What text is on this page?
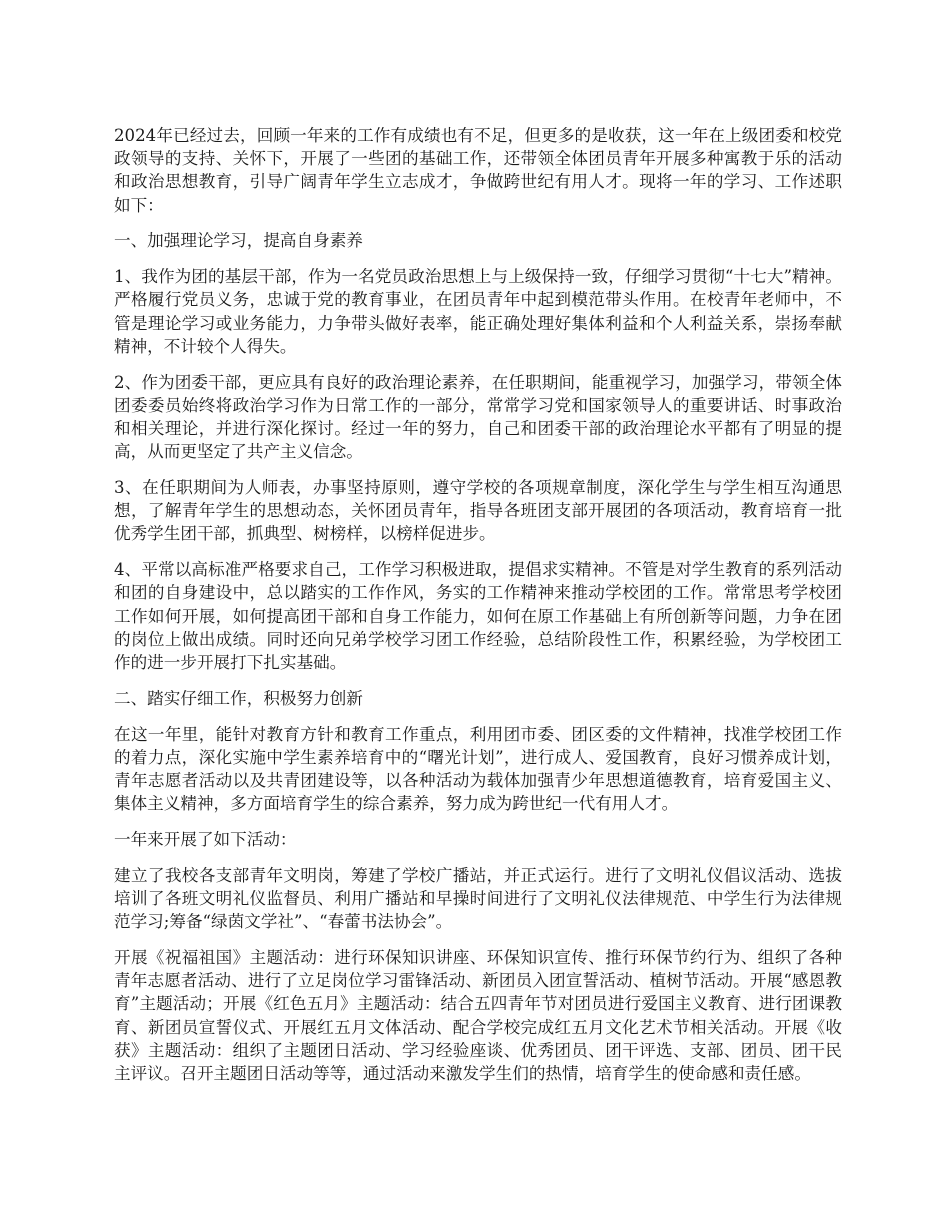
2024年已经过去，回顾一年来的工作有成绩也有不足，但更多的是收获，这一年在上级团委和校党政领导的支持、关怀下，开展了一些团的基础工作，还带领全体团员青年开展多种寓教于乐的活动和政治思想教育，引导广阔青年学生立志成才，争做跨世纪有用人才。现将一年的学习、工作述职如下：

一、加强理论学习，提高自身素养

1、我作为团的基层干部，作为一名党员政治思想上与上级保持一致，仔细学习贯彻“十七大”精神。严格履行党员义务，忠诚于党的教育事业，在团员青年中起到模范带头作用。在校青年老师中，不管是理论学习或业务能力，力争带头做好表率，能正确处理好集体利益和个人利益关系，崇扬奉献精神，不计较个人得失。

2、作为团委干部，更应具有良好的政治理论素养，在任职期间，能重视学习，加强学习，带领全体团委委员始终将政治学习作为日常工作的一部分，常常学习党和国家领导人的重要讲话、时事政治和相关理论，并进行深化探讨。经过一年的努力，自己和团委干部的政治理论水平都有了明显的提高，从而更坚定了共产主义信念。

3、在任职期间为人师表，办事坚持原则，遵守学校的各项规章制度，深化学生与学生相互沟通思想，了解青年学生的思想动态，关怀团员青年，指导各班团支部开展团的各项活动，教育培育一批优秀学生团干部，抓典型、树榜样，以榜样促进步。

4、平常以高标准严格要求自己，工作学习积极进取，提倡求实精神。不管是对学生教育的系列活动和团的自身建设中，总以踏实的工作作风，务实的工作精神来推动学校团的工作。常常思考学校团工作如何开展，如何提高团干部和自身工作能力，如何在原工作基础上有所创新等问题，力争在团的岗位上做出成绩。同时还向兄弟学校学习团工作经验，总结阶段性工作，积累经验，为学校团工作的进一步开展打下扎实基础。

二、踏实仔细工作，积极努力创新

在这一年里，能针对教育方针和教育工作重点，利用团市委、团区委的文件精神，找准学校团工作的着力点，深化实施中学生素养培育中的“曙光计划”，进行成人、爱国教育，良好习惯养成计划，青年志愿者活动以及共青团建设等，以各种活动为载体加强青少年思想道德教育，培育爱国主义、集体主义精神，多方面培育学生的综合素养，努力成为跨世纪一代有用人才。

一年来开展了如下活动：

建立了我校各支部青年文明岗，筹建了学校广播站，并正式运行。进行了文明礼仪倡议活动、选拔培训了各班文明礼仪监督员、利用广播站和早操时间进行了文明礼仪法律规范、中学生行为法律规范学习;筹备“绿茵文学社”、“春蕾书法协会”。

开展《祝福祖国》主题活动：进行环保知识讲座、环保知识宣传、推行环保节约行为、组织了各种青年志愿者活动、进行了立足岗位学习雷锋活动、新团员入团宣誓活动、植树节活动。开展“感恩教育”主题活动；开展《红色五月》主题活动：结合五四青年节对团员进行爱国主义教育、进行团课教育、新团员宣誓仪式、开展红五月文体活动、配合学校完成红五月文化艺术节相关活动。开展《收获》主题活动：组织了主题团日活动、学习经验座谈、优秀团员、团干评选、支部、团员、团干民主评议。召开主题团日活动等等，通过活动来激发学生们的热情，培育学生的使命感和责任感。
